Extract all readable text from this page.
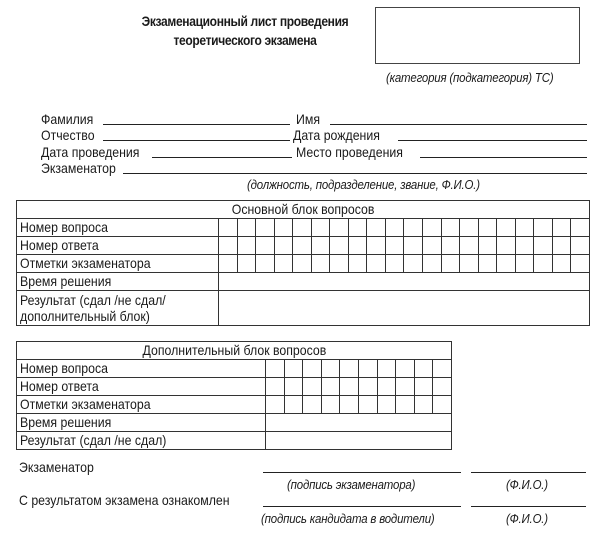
Экзаменационный лист проведения
теоретического экзамена
(категория (подкатегория) ТС)
Фамилия	Имя
Отчество	Дата рождения
Дата проведения	Место проведения
Экзаменатор
(должность, подразделение, звание, Ф.И.О.)
Основной блок вопросов																				
Номер вопроса																				
Номер ответа																				
Отметки экзаменатора																				
Время решения																				
Результат (сдал /не сдал/
дополнительный блок)																				
Дополнительный блок вопросов										
Номер вопроса										
Номер ответа										
Отметки экзаменатора										
Время решения										
Результат (сдал /не сдал)										
Экзаменатор
(подпись экзаменатора)	(Ф.И.О.)
С результатом экзамена ознакомлен
(подпись кандидата в водители)	(Ф.И.О.)
